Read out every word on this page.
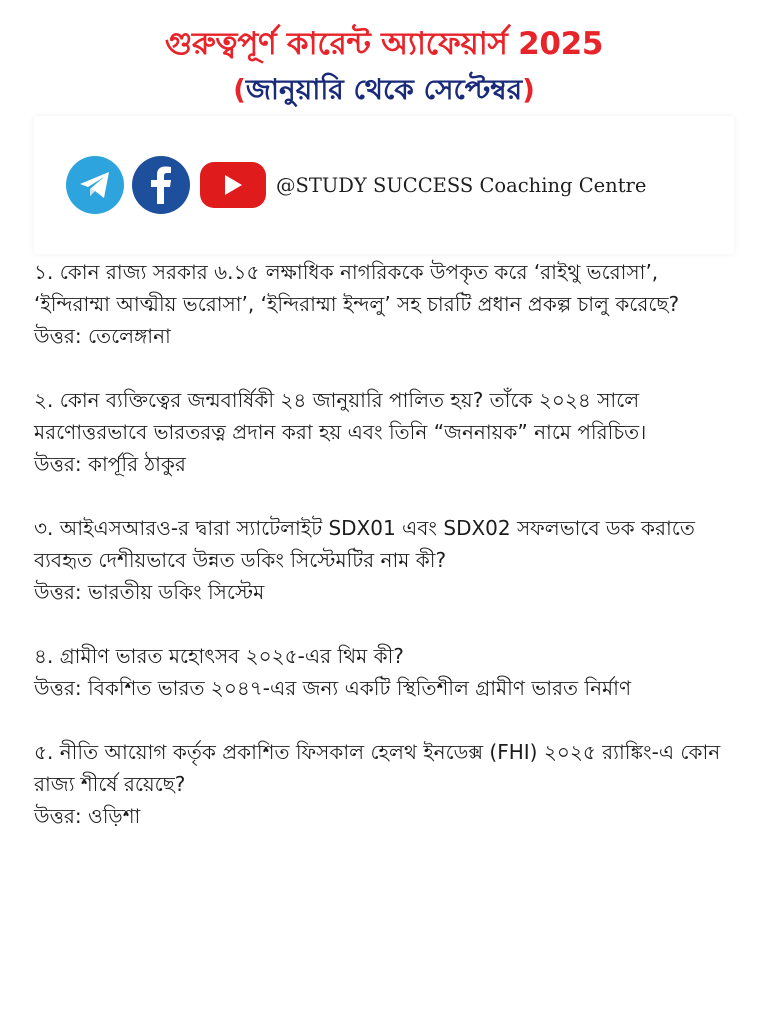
গুরুত্বপূর্ণ কারেন্ট অ্যাফেয়ার্স 2025
(জানুয়ারি থেকে সেপ্টেম্বর)
@STUDY SUCCESS Coaching Centre

১. কোন রাজ্য সরকার ৬.১৫ লক্ষাধিক নাগরিককে উপকৃত করে ‘রাইথু ভরোসা’, ‘ইন্দিরাম্মা আত্মীয় ভরোসা’, ‘ইন্দিরাম্মা ইন্দলু’ সহ চারটি প্রধান প্রকল্প চালু করেছে?

উত্তর: তেলেঙ্গানা

২. কোন ব্যক্তিত্বের জন্মবার্ষিকী ২৪ জানুয়ারি পালিত হয়? তাঁকে ২০২৪ সালে মরণোত্তরভাবে ভারতরত্ন প্রদান করা হয় এবং তিনি “জননায়ক” নামে পরিচিত।

উত্তর: কার্পূরি ঠাকুর

৩. আইএসআরও-র দ্বারা স্যাটেলাইট SDX01 এবং SDX02 সফলভাবে ডক করাতে ব্যবহৃত দেশীয়ভাবে উন্নত ডকিং সিস্টেমটির নাম কী?

উত্তর: ভারতীয় ডকিং সিস্টেম

৪. গ্রামীণ ভারত মহোৎসব ২০২৫-এর থিম কী?

উত্তর: বিকশিত ভারত ২০৪৭-এর জন্য একটি স্থিতিশীল গ্রামীণ ভারত নির্মাণ

৫. নীতি আয়োগ কর্তৃক প্রকাশিত ফিসকাল হেলথ ইনডেক্স (FHI) ২০২৫ র‍্যাঙ্কিং-এ কোন রাজ্য শীর্ষে রয়েছে?

উত্তর: ওড়িশা
